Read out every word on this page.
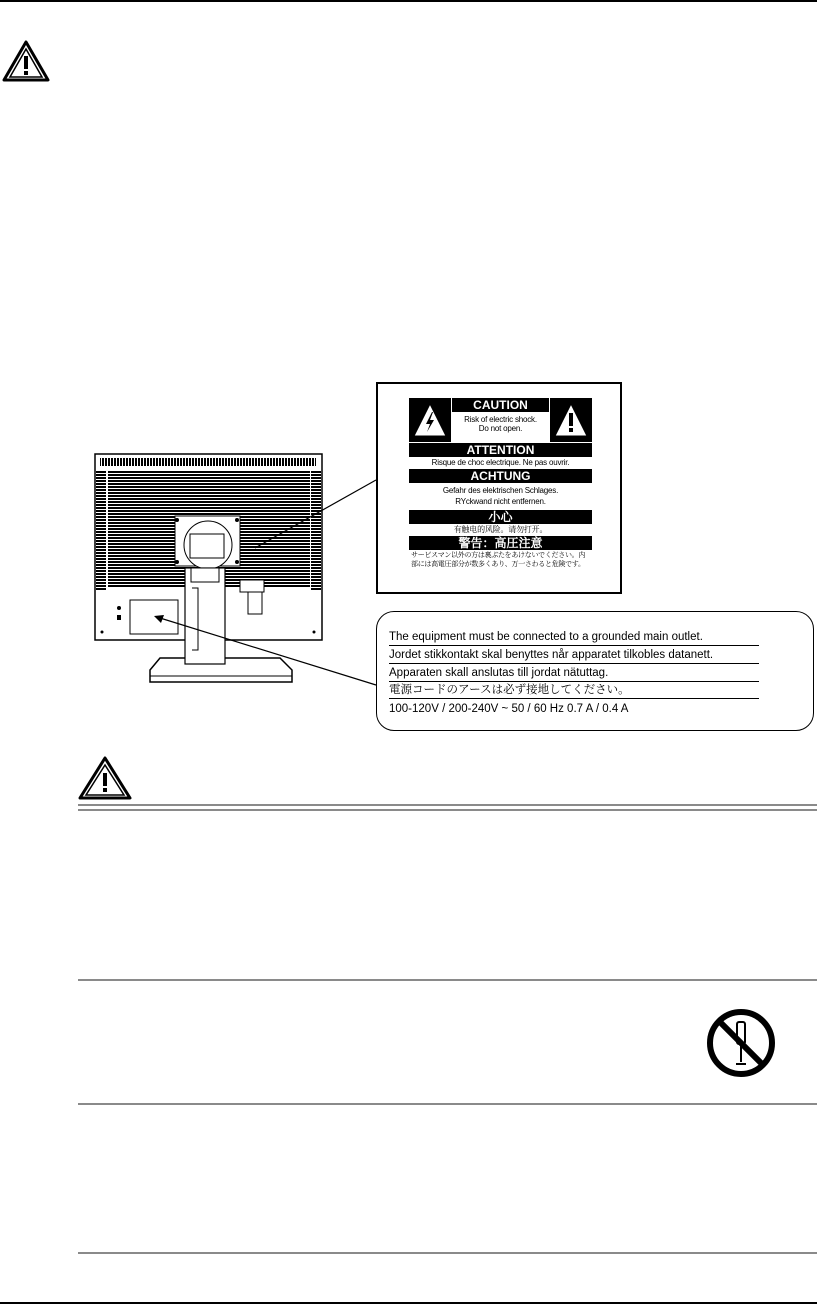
CAUTION
Risk of electric shock.
Do not open.
ATTENTION
Risque de choc electrique. Ne pas ouvrir.
ACHTUNG
Gefahr des elektrischen Schlages.
RYckwand nicht entfernen.
小心
有触电的风险。请勿打开。
警告：高圧注意
サービスマン以外の方は裏ぶたをあけないでください。内部には高電圧部分が数多くあり、万一さわると危険です。
The equipment must be connected to a grounded main outlet.
Jordet stikkontakt skal benyttes når apparatet tilkobles datanett.
Apparaten skall anslutas till jordat nätuttag.
電源コードのアースは必ず接地してください。
100-120V / 200-240V ~ 50 / 60 Hz 0.7 A / 0.4 A
